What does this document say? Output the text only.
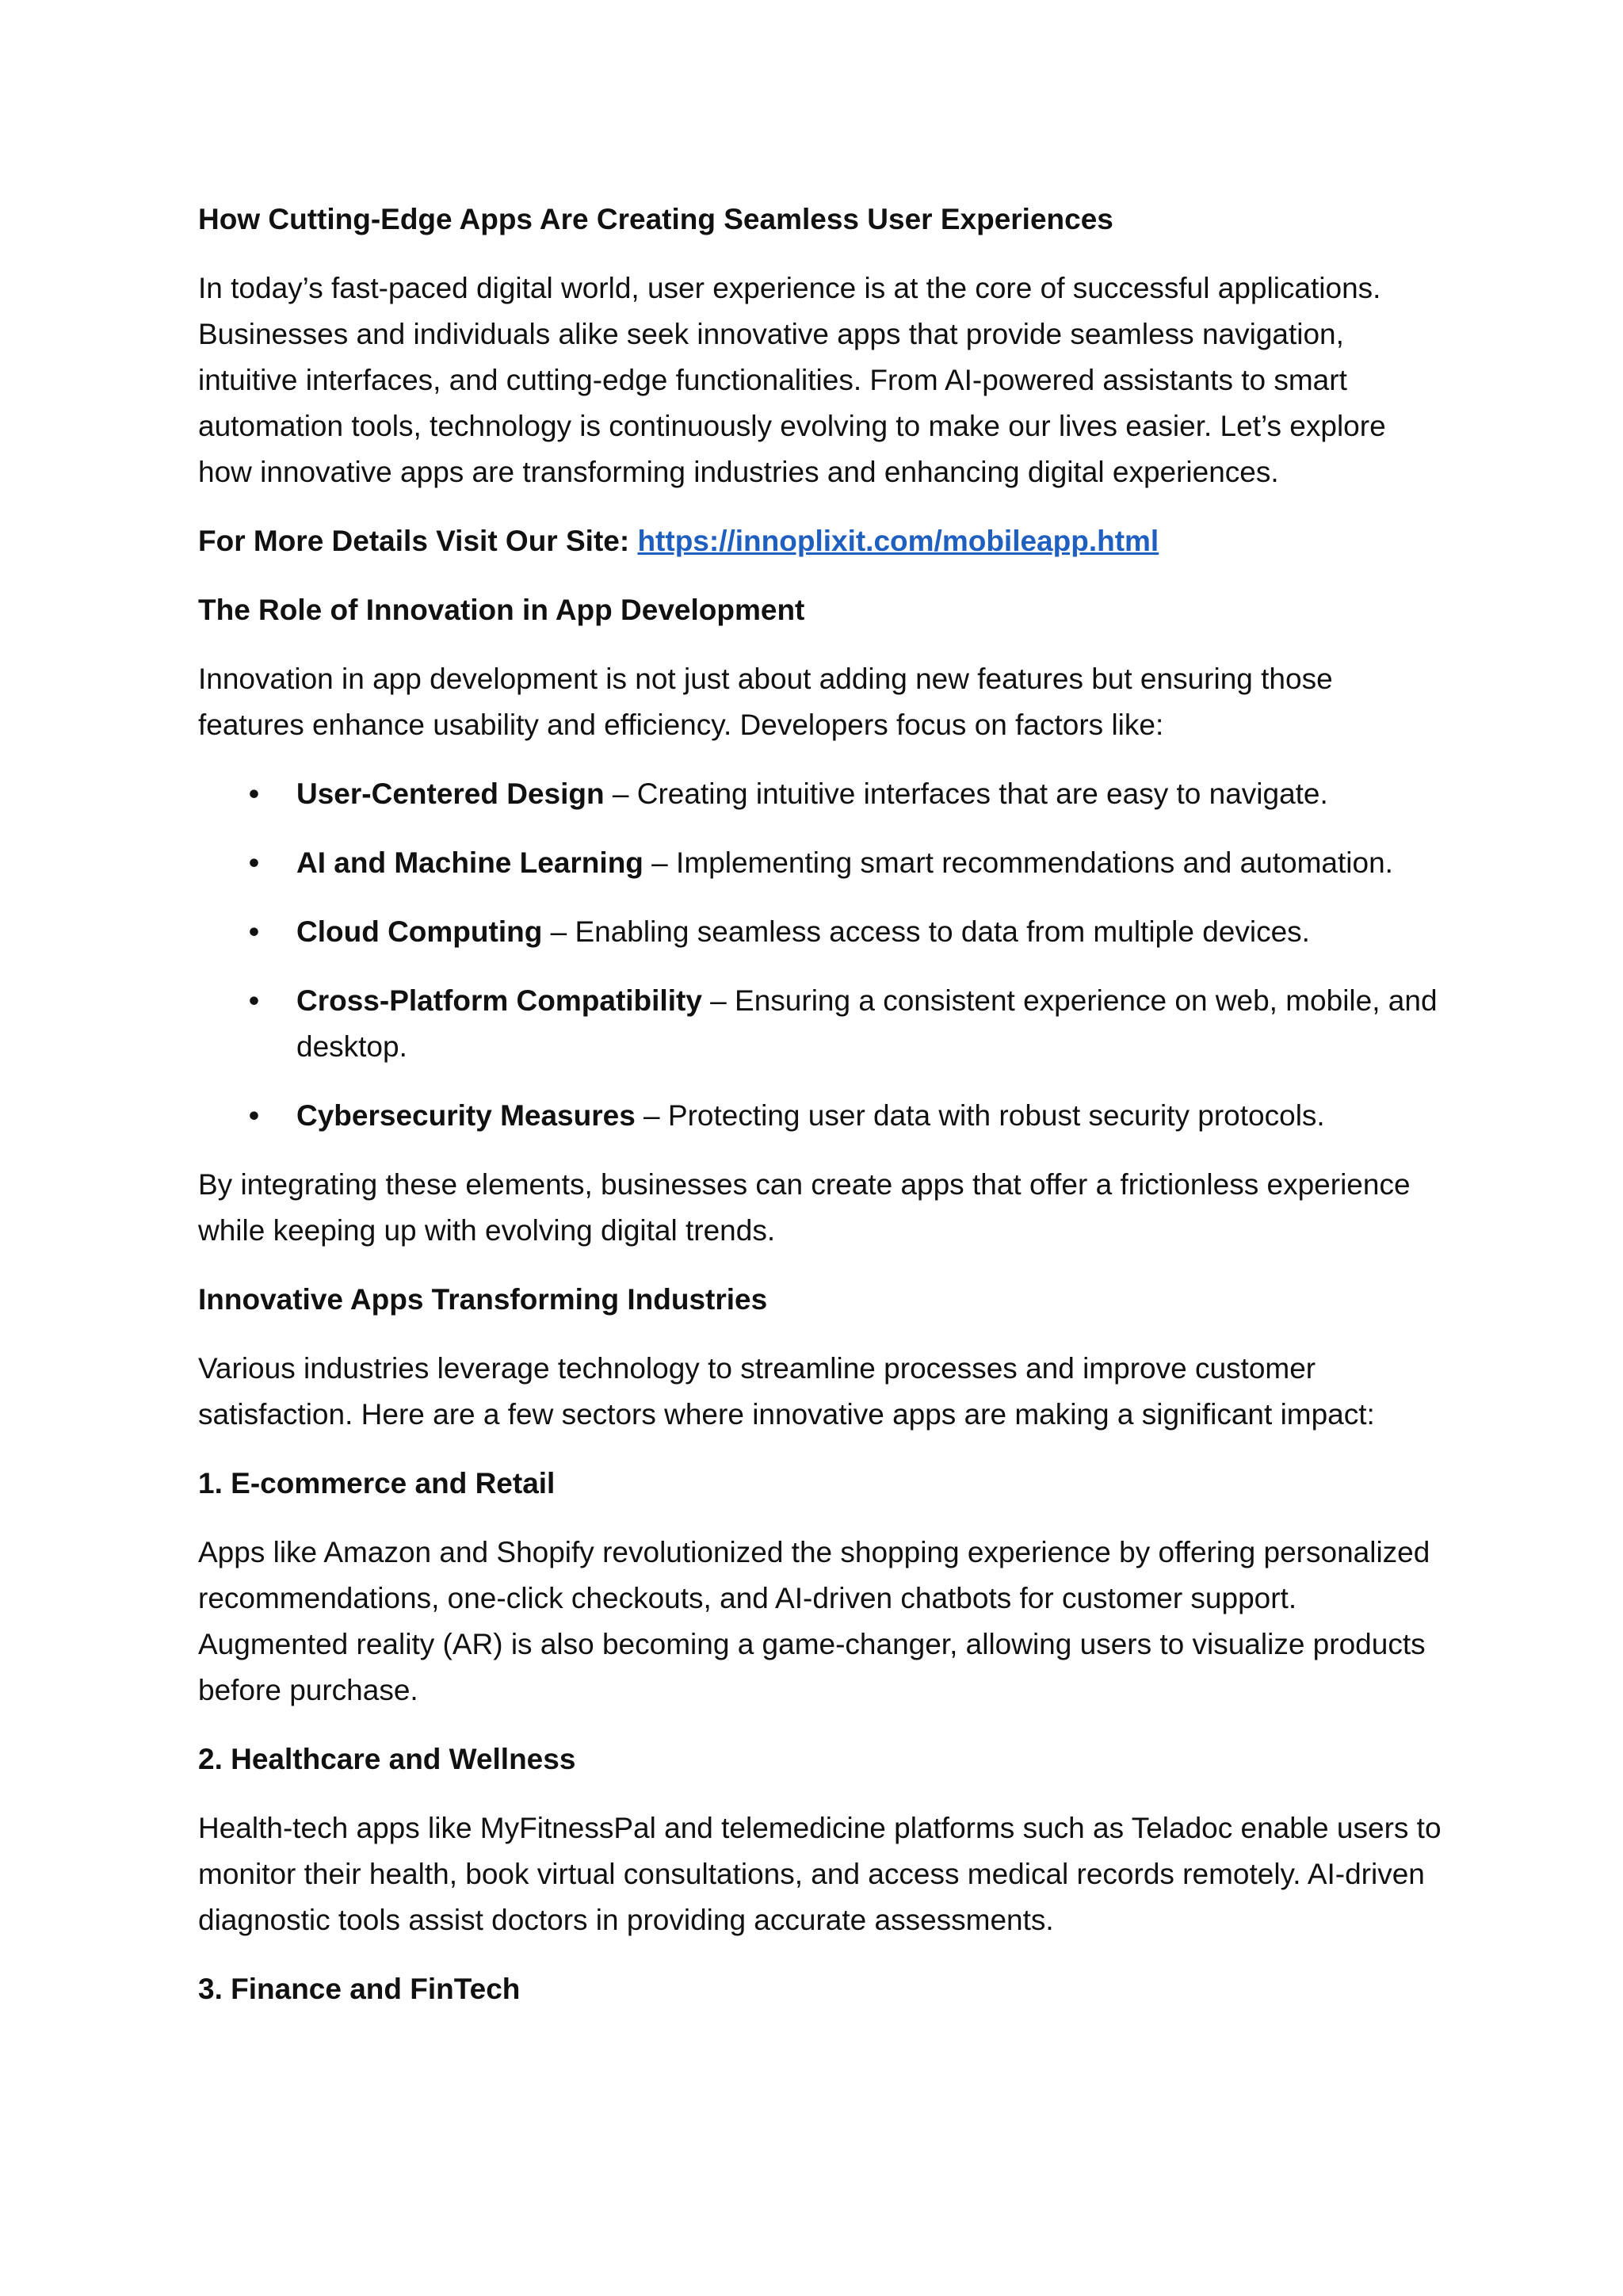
How Cutting-Edge Apps Are Creating Seamless User Experiences
In today’s fast-paced digital world, user experience is at the core of successful applications. Businesses and individuals alike seek innovative apps that provide seamless navigation, intuitive interfaces, and cutting-edge functionalities. From AI-powered assistants to smart automation tools, technology is continuously evolving to make our lives easier. Let’s explore how innovative apps are transforming industries and enhancing digital experiences.
For More Details Visit Our Site: https://innoplixit.com/mobileapp.html
The Role of Innovation in App Development
Innovation in app development is not just about adding new features but ensuring those features enhance usability and efficiency. Developers focus on factors like:
• User-Centered Design – Creating intuitive interfaces that are easy to navigate.
• AI and Machine Learning – Implementing smart recommendations and automation.
• Cloud Computing – Enabling seamless access to data from multiple devices.
• Cross-Platform Compatibility – Ensuring a consistent experience on web, mobile, and desktop.
• Cybersecurity Measures – Protecting user data with robust security protocols.
By integrating these elements, businesses can create apps that offer a frictionless experience while keeping up with evolving digital trends.
Innovative Apps Transforming Industries
Various industries leverage technology to streamline processes and improve customer satisfaction. Here are a few sectors where innovative apps are making a significant impact:
1. E-commerce and Retail
Apps like Amazon and Shopify revolutionized the shopping experience by offering personalized recommendations, one-click checkouts, and AI-driven chatbots for customer support. Augmented reality (AR) is also becoming a game-changer, allowing users to visualize products before purchase.
2. Healthcare and Wellness
Health-tech apps like MyFitnessPal and telemedicine platforms such as Teladoc enable users to monitor their health, book virtual consultations, and access medical records remotely. AI-driven diagnostic tools assist doctors in providing accurate assessments.
3. Finance and FinTech
